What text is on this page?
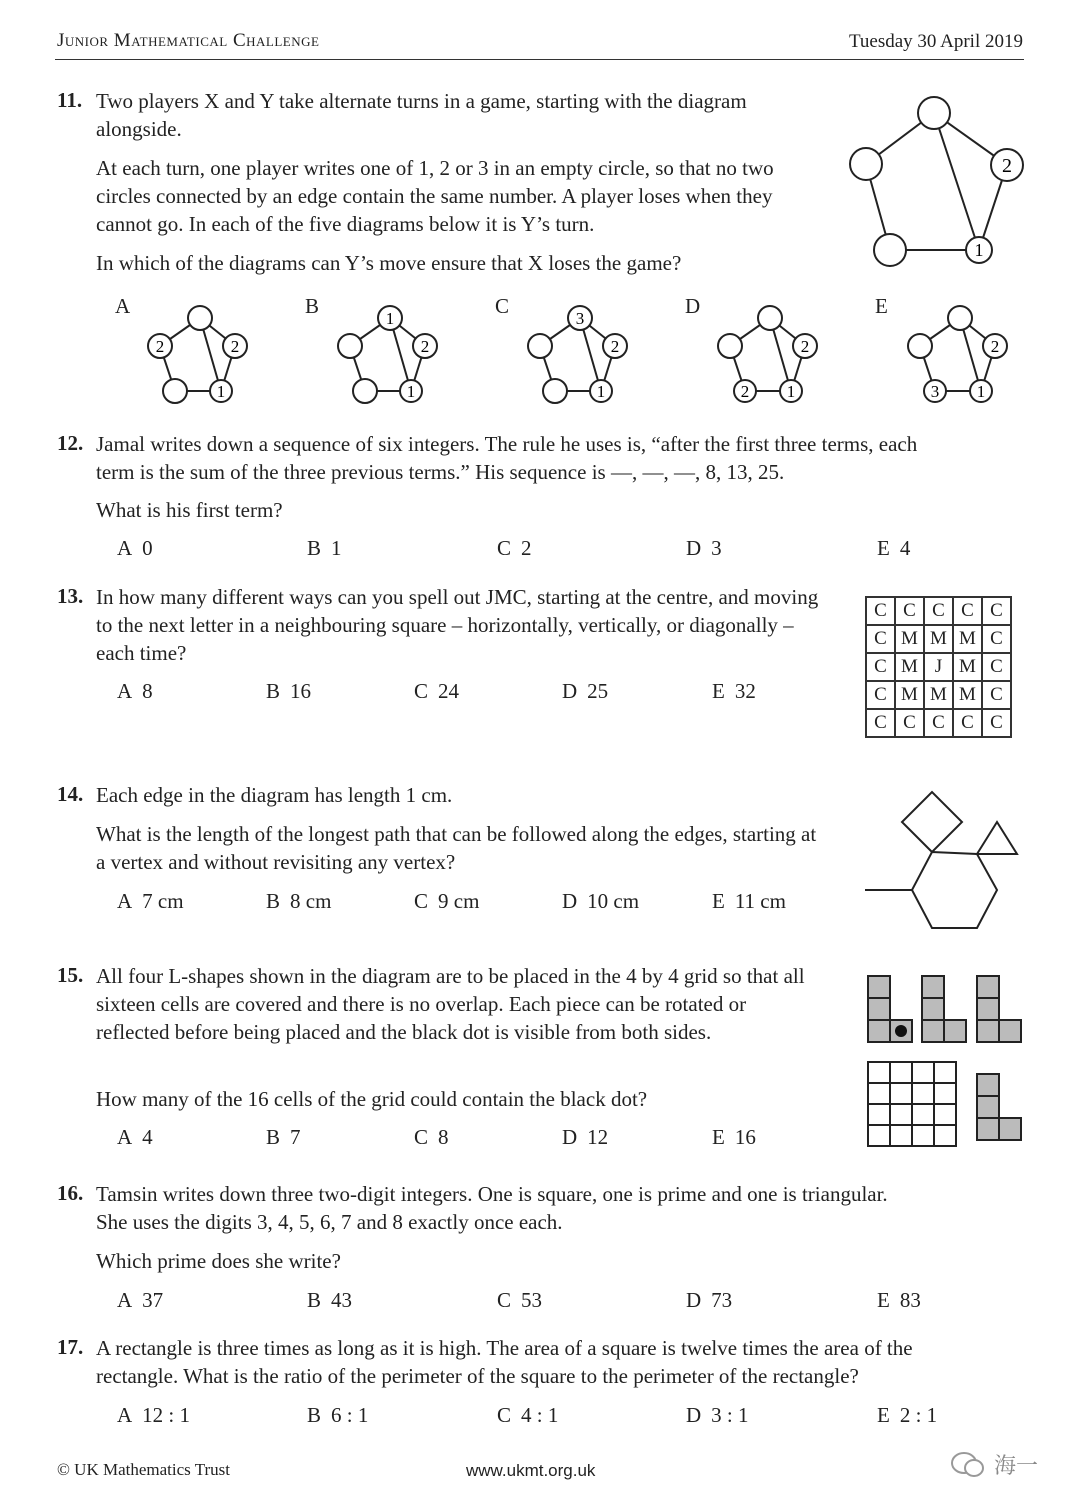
Junior Mathematical Challenge	Tuesday 30 April 2019
11. Two players X and Y take alternate turns in a game, starting with the diagram alongside.
At each turn, one player writes one of 1, 2 or 3 in an empty circle, so that no two circles connected by an edge contain the same number. A player loses when they cannot go. In each of the five diagrams below it is Y’s turn.
In which of the diagrams can Y’s move ensure that X loses the game?
2
1
A
2	2
1
B
1
2
1
C
3
2
1
D
2
2 1
E
2
3 1
12. Jamal writes down a sequence of six integers. The rule he uses is, “after the first three terms, each
term is the sum of the three previous terms.” His sequence is —, —, —, 8, 13, 25.
What is his first term?
A 0	B 1	C 2	D 3	E 4
13. In how many different ways can you spell out JMC, starting at the centre, and moving to the next letter in a neighbouring square – horizontally, vertically, or diagonally – each time?
C	C	C	C	C
C	M	M	M	C
C	M	J	M	C
C	M	M	M	C
C	C	C	C	C
A 8	B 16	C 24	D 25	E 32
14. Each edge in the diagram has length 1 cm.
What is the length of the longest path that can be followed along the edges, starting at a vertex and without revisiting any vertex?
A 7 cm	B 8 cm	C 9 cm	D 10 cm	E 11 cm
15. All four L-shapes shown in the diagram are to be placed in the 4 by 4 grid so that all sixteen cells are covered and there is no overlap. Each piece can be rotated or reflected before being placed and the black dot is visible from both sides.
How many of the 16 cells of the grid could contain the black dot?
A 4	B 7	C 8	D 12	E 16
16. Tamsin writes down three two-digit integers. One is square, one is prime and one is triangular.
She uses the digits 3, 4, 5, 6, 7 and 8 exactly once each.
Which prime does she write?
A 37	B 43	C 53	D 73	E 83
17. A rectangle is three times as long as it is high. The area of a square is twelve times the area of the
rectangle. What is the ratio of the perimeter of the square to the perimeter of the rectangle?
A 12 : 1	B 6 : 1	C 4 : 1	D 3 : 1	E 2 : 1
© UK Mathematics Trust	www.ukmt.org.uk	海一
